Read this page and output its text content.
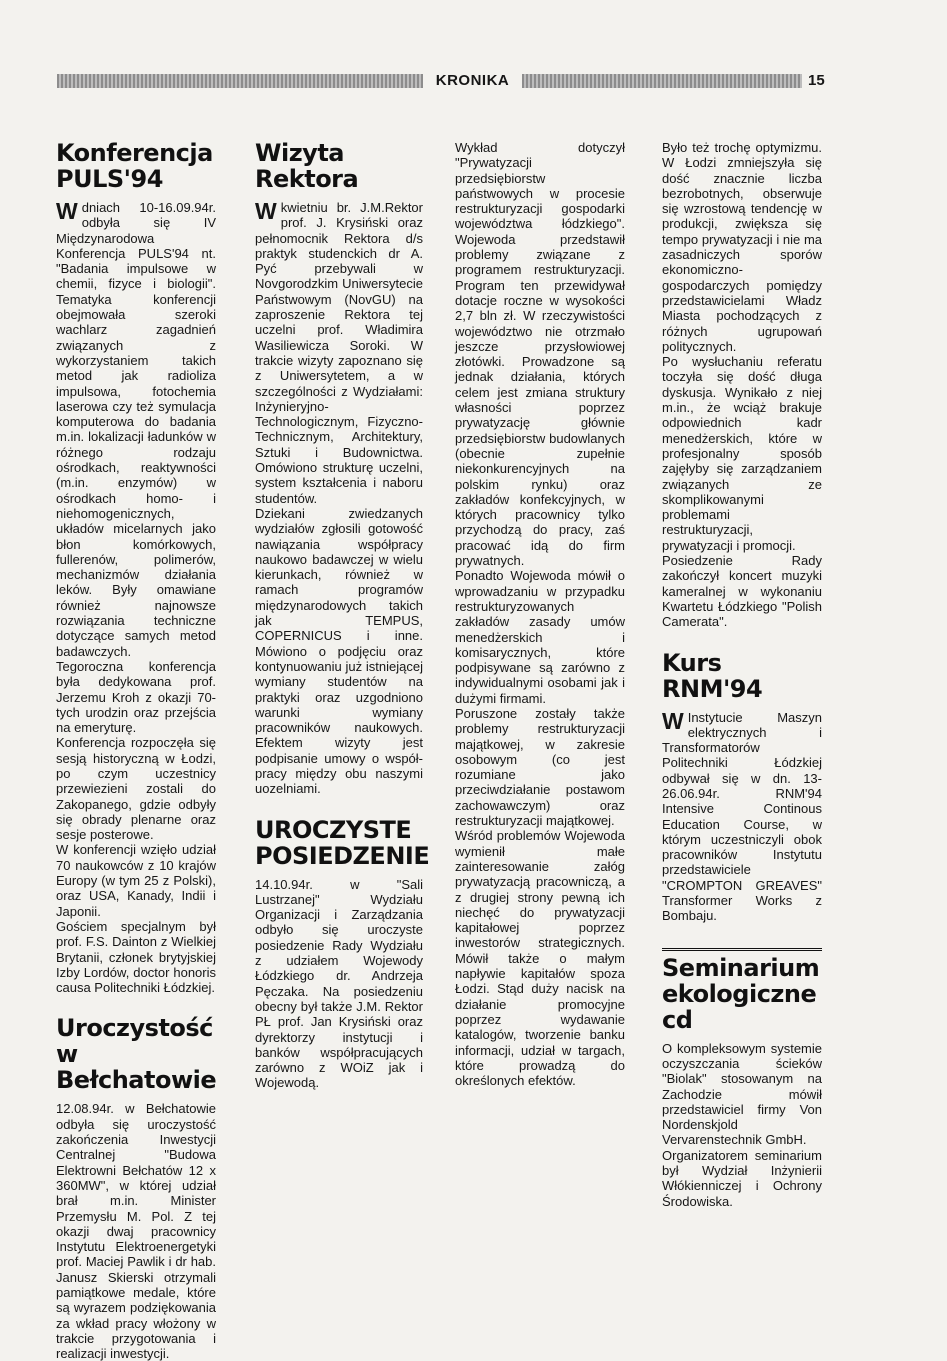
KRONIKA	15
Konferencja
PULS'94

Wdniach 10-16.09.94r. odbyła się IV Międzynarodowa Konferencja PULS'94 nt. "Badania impulsowe w chemii, fizyce i biologii". Tematyka konferencji obejmowała szeroki wachlarz zagadnień związanych z wykorzystaniem takich metod jak radioliza impulsowa, fotochemia laserowa czy też symulacja komputerowa do badania m.in. lokalizacji ładunków w różnego rodzaju ośrodkach, reaktywności (m.in. enzymów) w ośrodkach homo- i niehomogenicznych, układów micelarnych jako błon komórkowych, fullerenów, polimerów, mechanizmów działania leków. Były omawiane również najnowsze rozwiązania techniczne dotyczące samych metod badawczych.

Tegoroczna konferencja była dedykowana prof. Jerzemu Kroh z okazji 70-tych urodzin oraz przejścia na emeryturę.

Konferencja rozpoczęła się sesją historyczną w Łodzi, po czym uczestnicy przewiezieni zostali do Zakopanego, gdzie odbyły się obrady plenarne oraz sesje posterowe.

W konferencji wzięło udział 70 naukowców z 10 krajów Europy (w tym 25 z Polski), oraz USA, Kanady, Indii i Japonii.

Gościem specjalnym był prof. F.S. Dainton z Wielkiej Brytanii, członek brytyjskiej Izby Lordów, doctor honoris causa Politechniki Łódzkiej.

Uroczystość
w Bełchatowie

12.08.94r. w Bełchatowie odbyła się uroczystość zakończenia Inwestycji Centralnej "Budowa Elektrowni Bełchatów 12 x 360MW", w której udział brał m.in. Minister Przemysłu M. Pol. Z tej okazji dwaj pracownicy Instytutu Elektroenergetyki prof. Maciej Pawlik i dr hab. Janusz Skierski otrzymali pamiątkowe medale, które są wyrazem podziękowania za wkład pracy włożony w trakcie przygotowania i realizacji inwestycji.

Wizyta
Rektora

Wkwietniu br. J.M.Rektor prof. J. Krysiński oraz pełnomocnik Rektora d/s praktyk studenckich dr A. Pyć przebywali w Novgorodzkim Uniwersytecie Państwowym (NovGU) na zaproszenie Rektora tej uczelni prof. Władimira Wasiliewicza Soroki. W trakcie wizyty zapoznano się z Uniwersytetem, a w szczególności z Wydziałami: Inżynieryjno-Technologicznym, Fizyczno-Technicznym, Architektury, Sztuki i Budownictwa. Omówiono strukturę uczelni, system kształcenia i naboru studentów.

Dziekani zwiedzanych wydziałów zgłosili gotowość nawiązania współpracy naukowo badawczej w wielu kierunkach, również w ramach programów międzynarodowych takich jak TEMPUS, COPERNICUS i inne. Mówiono o podjęciu oraz kontynuowaniu już istniejącej wymiany studentów na praktyki oraz uzgodniono warunki wymiany pracowników naukowych. Efektem wizyty jest podpisanie umowy o współ-pracy między obu naszymi uozelniami.

UROCZYSTE
POSIEDZENIE

14.10.94r. w "Sali Lustrzanej" Wydziału Organizacji i Zarządzania odbyło się uroczyste posiedzenie Rady Wydziału z udziałem Wojewody Łódzkiego dr. Andrzeja Pęczaka. Na posiedzeniu obecny był także J.M. Rektor PŁ prof. Jan Krysiński oraz dyrektorzy instytucji i banków współpracujących zarówno z WOiZ jak i Wojewodą.

Wykład dotyczył "Prywatyzacji przedsiębiorstw państwowych w procesie restrukturyzacji gospodarki województwa łódzkiego". Wojewoda przedstawił problemy związane z programem restrukturyzacji. Program ten przewidywał dotacje roczne w wysokości 2,7 bln zł. W rzeczywistości województwo nie otrzmało jeszcze przysłowiowej złotówki. Prowadzone są jednak działania, których celem jest zmiana struktury własności poprzez prywatyzację głównie przedsiębiorstw budowlanych (obecnie zupełnie niekonkurencyjnych na polskim rynku) oraz zakładów konfekcyjnych, w których pracownicy tylko przychodzą do pracy, zaś pracować idą do firm prywatnych.

Ponadto Wojewoda mówił o wprowadzaniu w przypadku restrukturyzowanych zakładów zasady umów menedżerskich i komisarycznych, które podpisywane są zarówno z indywidualnymi osobami jak i dużymi firmami.

Poruszone zostały także problemy restrukturyzacji majątkowej, w zakresie osobowym (co jest rozumiane jako przeciwdziałanie postawom zachowawczym) oraz restrukturyzacji majątkowej.

Wśród problemów Wojewoda wymienił małe zainteresowanie załóg prywatyzacją pracowniczą, a z drugiej strony pewną ich niechęć do prywatyzacji kapitałowej poprzez inwestorów strategicznych. Mówił także o małym napływie kapitałów spoza Łodzi. Stąd duży nacisk na działanie promocyjne poprzez wydawanie katalogów, tworzenie banku informacji, udział w targach, które prowadzą do określonych efektów.

Było też trochę optymizmu. W Łodzi zmniejszyła się dość znacznie liczba bezrobotnych, obserwuje się wzrostową tendencję w produkcji, zwiększa się tempo prywatyzacji i nie ma zasadniczych sporów ekonomiczno-gospodarczych pomiędzy przedstawicielami Władz Miasta pochodzących z różnych ugrupowań politycznych.

Po wysłuchaniu referatu toczyła się dość długa dyskusja. Wynikało z niej m.in., że wciąż brakuje odpowiednich kadr menedżerskich, które w profesjonalny sposób zajęłyby się zarządzaniem związanych ze skomplikowanymi problemami restrukturyzacji, prywatyzacji i promocji.

Posiedzenie Rady zakończył koncert muzyki kameralnej w wykonaniu Kwartetu Łódzkiego "Polish Camerata".

Kurs RNM'94

WInstytucie Maszyn elektrycznych i Transformatorów Politechniki Łódzkiej odbywał się w dn. 13-26.06.94r. RNM'94 Intensive Continous Education Course, w którym uczestniczyli obok pracowników Instytutu przedstawiciele "CROMPTON GREAVES" Transformer Works z Bombaju.

Seminarium
ekologiczne cd

O kompleksowym systemie oczyszczania ścieków "Biolak" stosowanym na Zachodzie mówił przedstawiciel firmy Von Nordenskjold Vervarenstechnik GmbH.

Organizatorem seminarium był Wydział Inżynierii Włókienniczej i Ochrony Środowiska.
